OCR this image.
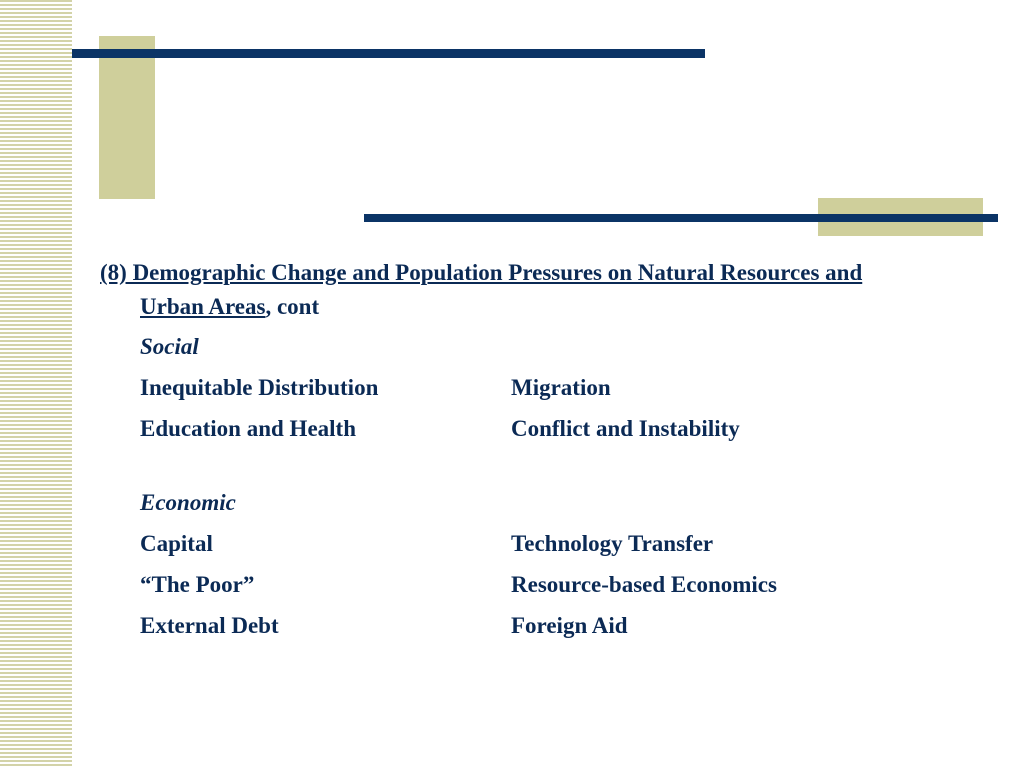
(8) Demographic Change and Population Pressures on Natural Resources and Urban Areas, cont

Social

Inequitable Distribution	Migration
Education and Health	Conflict and Instability

Economic

Capital	Technology Transfer
“The Poor”	Resource-based Economics
External Debt	Foreign Aid
